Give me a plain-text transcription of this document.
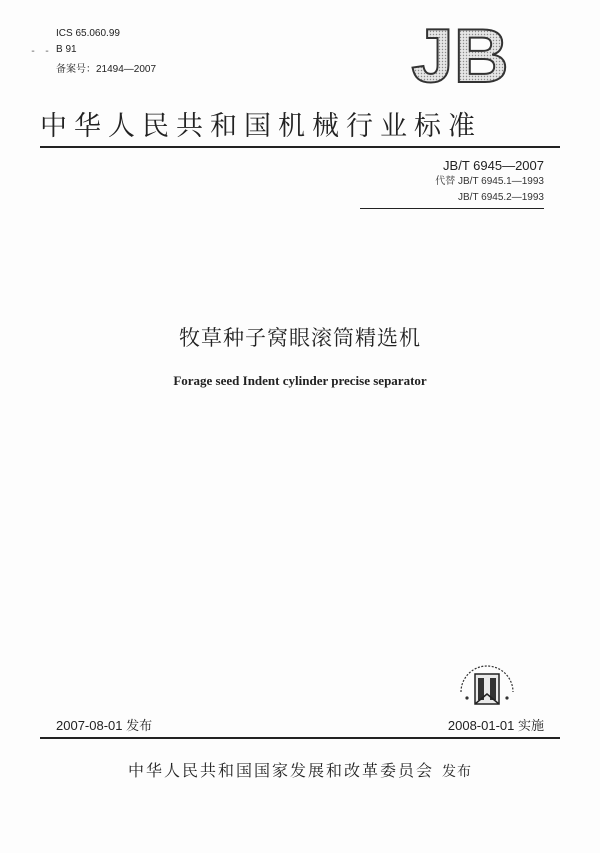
- -
ICS 65.060.99
B 91
备案号：21494—2007	JB
中华人民共和国机械行业标准
JB/T 6945—2007
代替 JB/T 6945.1—1993
JB/T 6945.2—1993
牧草种子窝眼滚筒精选机
Forage seed Indent cylinder precise separator
2007-08-01 发布	2008-01-01 实施
中华人民共和国国家发展和改革委员会 发布
